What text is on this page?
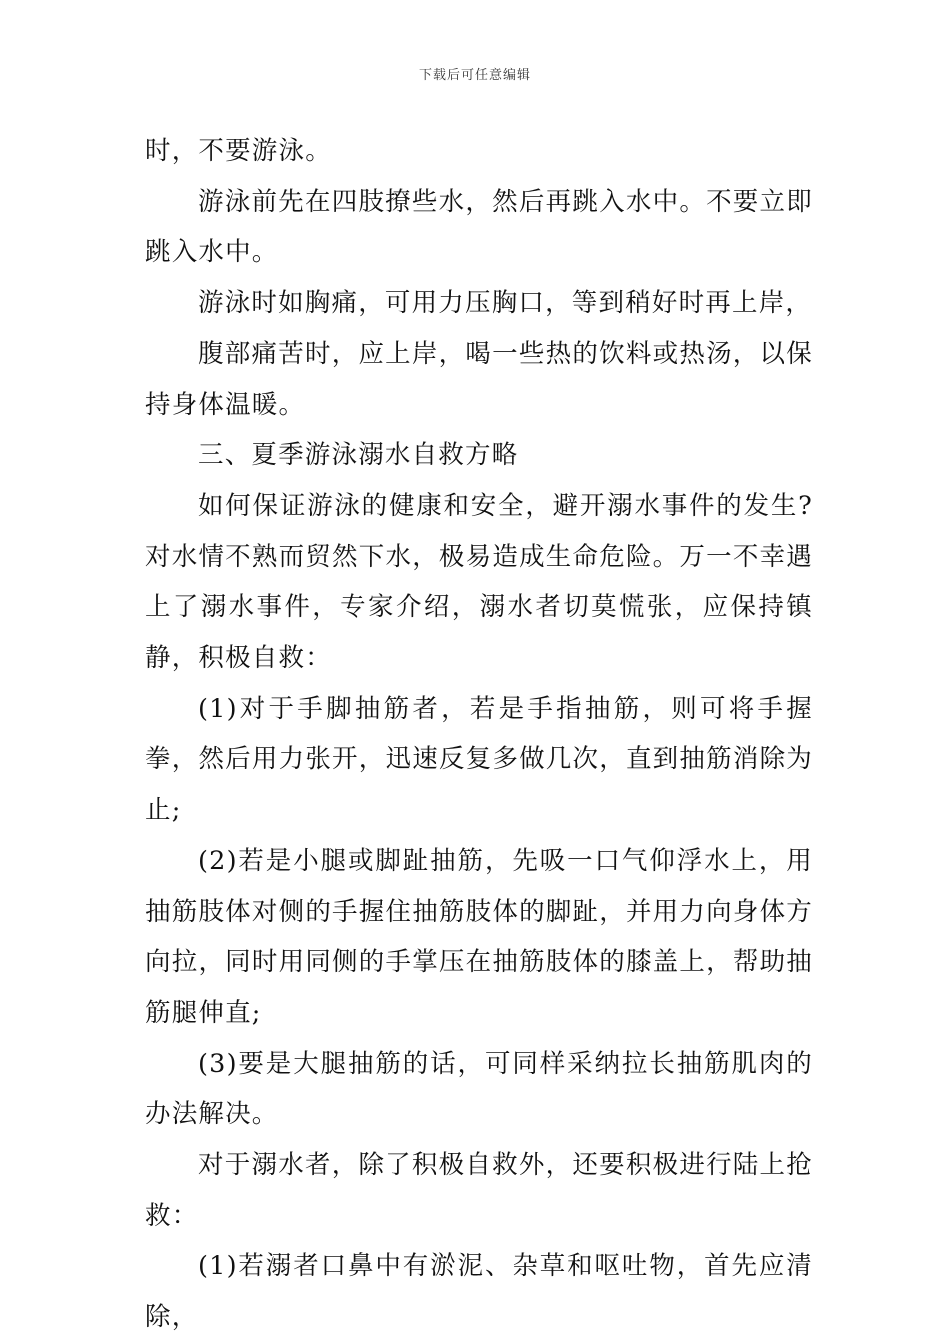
下载后可任意编辑

时，不要游泳。

游泳前先在四肢撩些水，然后再跳入水中。不要立即跳入水中。

游泳时如胸痛，可用力压胸口，等到稍好时再上岸，

腹部痛苦时，应上岸，喝一些热的饮料或热汤，以保持身体温暖。

三、夏季游泳溺水自救方略

如何保证游泳的健康和安全，避开溺水事件的发生?对水情不熟而贸然下水，极易造成生命危险。万一不幸遇上了溺水事件，专家介绍，溺水者切莫慌张，应保持镇静，积极自救：

(1)对于手脚抽筋者，若是手指抽筋，则可将手握拳，然后用力张开，迅速反复多做几次，直到抽筋消除为止;

(2)若是小腿或脚趾抽筋，先吸一口气仰浮水上，用抽筋肢体对侧的手握住抽筋肢体的脚趾，并用力向身体方向拉，同时用同侧的手掌压在抽筋肢体的膝盖上，帮助抽筋腿伸直;

(3)要是大腿抽筋的话，可同样采纳拉长抽筋肌肉的办法解决。

对于溺水者，除了积极自救外，还要积极进行陆上抢救：

(1)若溺者口鼻中有淤泥、杂草和呕吐物，首先应清除，
